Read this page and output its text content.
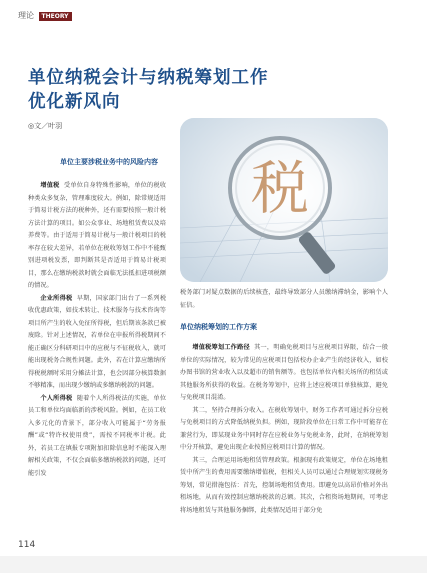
理论 THEORY
单位纳税会计与纳税筹划工作
优化新风向
◎文／叶羽
税
单位主要涉税业务中的风险内容

增值税 受单位自身特殊性影响，单位的税收种类众多复杂，管理难度较大。例如，除常规适用于简易计税方法的税种外，还有需要按照一般计税方法计算的项目。如公众事业、场地租赁费以及培养费等。由于适用于简易计税与一般计税项目的税率存在较大差异，若单位在税收筹划工作中不能甄别进项税发票，即判断其是否适用于简易计税项目，那么在缴纳税款时就会面临无法抵扣进项税额的情况。

企业所得税 早期，国家部门出台了一系列税收优惠政策，如技术转让、技术服务与技术咨询等项目所产生的收入免征所得税，但后期该条款已被废除。针对上述情况，若单位在申报所得税期间不能正确区分科研项目中的应税与不征税收入，就可能出现税务合规性问题。此外，若在计算应缴纳所得税税额时采用分摊法计算，也会因部分核算数据不够精准，而出现少缴纳或多缴纳税款的问题。

个人所得税 随着个人所得税法的实施，单位员工和单位均面临新的涉税风险。例如，在员工收入多元化的背景下，部分收入可能属于“劳务报酬”或“特许权使用费”，需按不同税率计税。此外，若员工在填报专项附加扣除信息时不能深入理解相关政策，不仅会面临多缴纳税款的问题，还可能引发

税务部门对疑点数据的后续核查，最终导致部分人员缴纳滞纳金，影响个人征信。
单位纳税筹划的工作方案

增值税筹划工作路径 其一，明确免税项目与应税项目界限，结合一般单位的实际情况，较为常见的应税项目包括校办企业产生的经济收入，如校办图书馆的营业收入以及超市的销售额等。也包括单位内相关场所的租赁或其他服务所获得的收益。在税务筹划中，应将上述应税项目单独核算，避免与免税项目混淆。

其二，坚持合理拆分收入。在税收筹划中，财务工作者可通过拆分应税与免税项目的方式降低纳税负担。例如，现阶段单位在日常工作中可能存在兼营行为，即某现业务中同时存在应税业务与免税业务，此时，在纳税筹划中分开核算，避免出现企业按照应税项目计算的情况。

其三，合理运用场地租赁管理政策。根据现有政策规定，单位在场地租赁中所产生的费用需要缴纳增值税，但相关人员可以通过合理规划实现税务筹划，常见措施包括：首先，控制场地租赁费用。即避免以高昂价格对外出租场地，从而有效控制应缴纳税款的总额。其次，合租资场地期间，可考虑将场地租赁与其他服务捆绑，此类情况适用于部分免

114
